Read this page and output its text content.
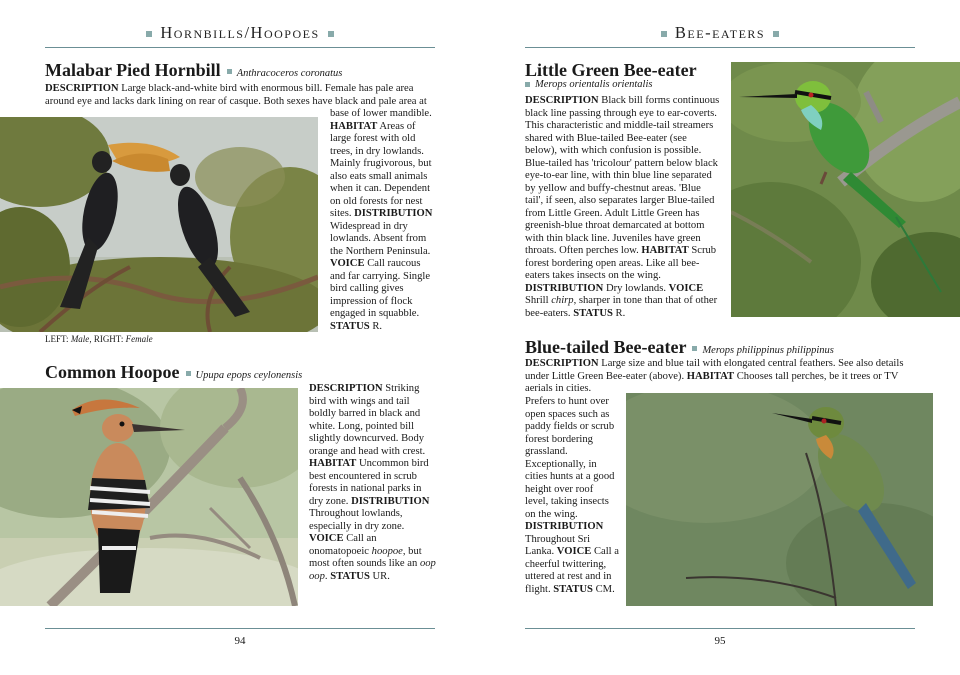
Hornbills/Hoopoes
Malabar Pied Hornbill Anthracoceros coronatus
DESCRIPTION Large black-and-white bird with enormous bill. Female has pale area around eye and lacks dark lining on rear of casque. Both sexes have black and pale area at
base of lower mandible. HABITAT Areas of large forest with old trees, in dry lowlands. Mainly frugivorous, but also eats small animals when it can. Dependent on old forests for nest sites. DISTRIBUTION Widespread in dry lowlands. Absent from the Northern Peninsula. VOICE Call raucous and far carrying. Single bird calling gives impression of flock engaged in squabble. STATUS R.
LEFT: Male, RIGHT: Female
Common Hoopoe Upupa epops ceylonensis
DESCRIPTION Striking bird with wings and tail boldly barred in black and white. Long, pointed bill slightly downcurved. Body orange and head with crest. HABITAT Uncommon bird best encountered in scrub forests in national parks in dry zone. DISTRIBUTION Throughout lowlands, especially in dry zone. VOICE Call an onomatopoeic hoopoe, but most often sounds like an oop oop. STATUS UR.
94
Bee-eaters
Little Green Bee-eater
Merops orientalis orientalis
DESCRIPTION Black bill forms continuous black line passing through eye to ear-coverts. This characteristic and middle-tail streamers shared with Blue-tailed Bee-eater (see below), with which confusion is possible. Blue-tailed has 'tricolour' pattern below black eye-to-ear line, with thin blue line separated by yellow and buffy-chestnut areas. 'Blue tail', if seen, also separates larger Blue-tailed from Little Green. Adult Little Green has greenish-blue throat demarcated at bottom with thin black line. Juveniles have green throats. Often perches low. HABITAT Scrub forest bordering open areas. Like all bee-eaters takes insects on the wing. DISTRIBUTION Dry lowlands. VOICE Shrill chirp, sharper in tone than that of other bee-eaters. STATUS R.
Blue-tailed Bee-eater Merops philippinus philippinus
DESCRIPTION Large size and blue tail with elongated central feathers. See also details under Little Green Bee-eater (above). HABITAT Chooses tall perches, be it trees or TV aerials in cities.
Prefers to hunt over open spaces such as paddy fields or scrub forest bordering grassland. Exceptionally, in cities hunts at a good height over roof level, taking insects on the wing. DISTRIBUTION Throughout Sri Lanka. VOICE Call a cheerful twittering, uttered at rest and in flight. STATUS CM.
95
